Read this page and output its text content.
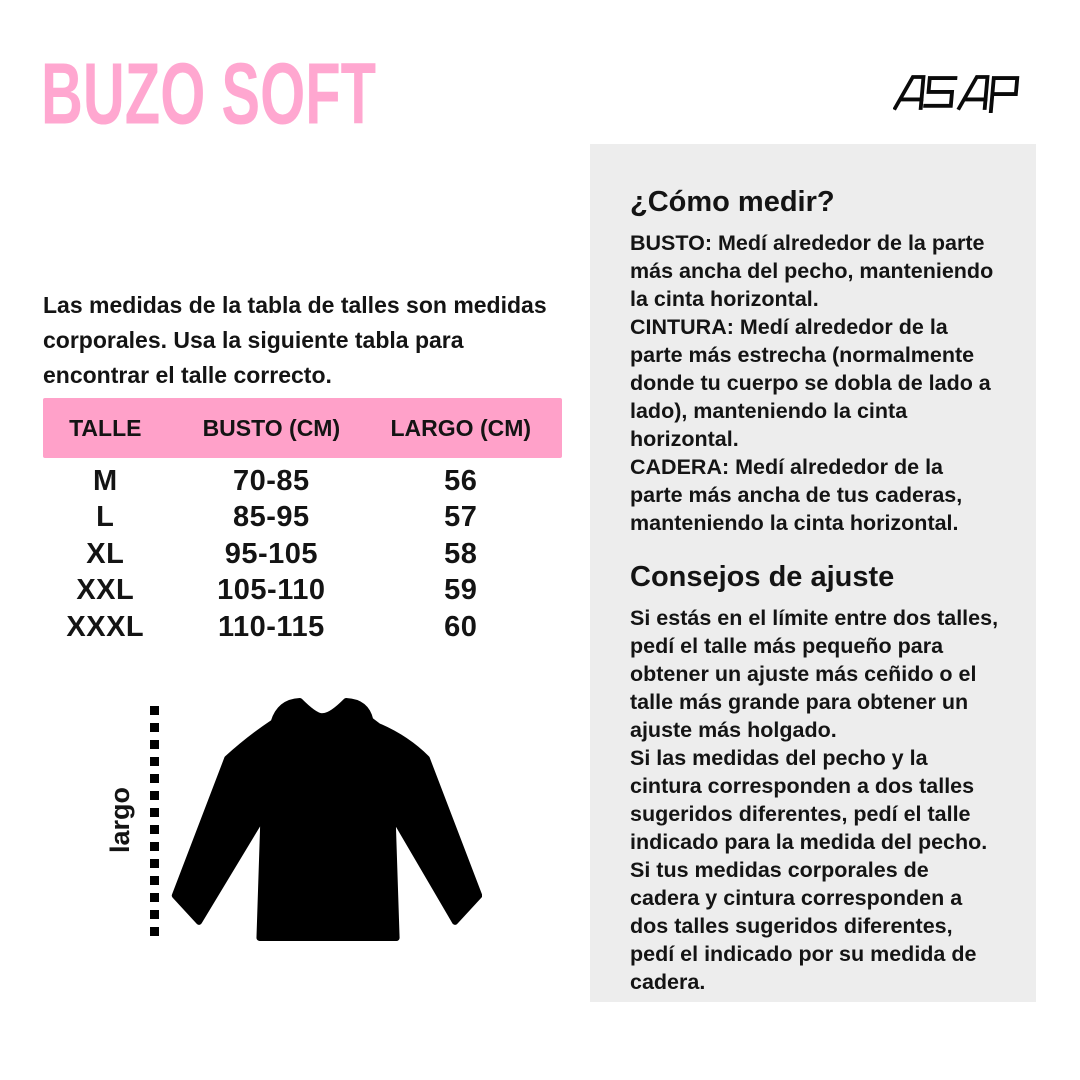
BUZO SOFT
Las medidas de la tabla de talles son medidas corporales. Usa la siguiente tabla para encontrar el talle correcto.
TALLE	BUSTO (CM)	LARGO (CM)
M	70-85	56
L	85-95	57
XL	95-105	58
XXL	105-110	59
XXXL	110-115	60
largo
¿Cómo medir?
BUSTO: Medí alrededor de la parte más ancha del pecho, manteniendo la cinta horizontal.
CINTURA: Medí alrededor de la parte más estrecha (normalmente donde tu cuerpo se dobla de lado a lado), manteniendo la cinta horizontal.
CADERA: Medí alrededor de la parte más ancha de tus caderas, manteniendo la cinta horizontal.
Consejos de ajuste
Si estás en el límite entre dos talles, pedí el talle más pequeño para obtener un ajuste más ceñido o el talle más grande para obtener un ajuste más holgado.
Si las medidas del pecho y la cintura corresponden a dos talles sugeridos diferentes, pedí el talle indicado para la medida del pecho.
Si tus medidas corporales de cadera y cintura corresponden a dos talles sugeridos diferentes, pedí el indicado por su medida de cadera.
